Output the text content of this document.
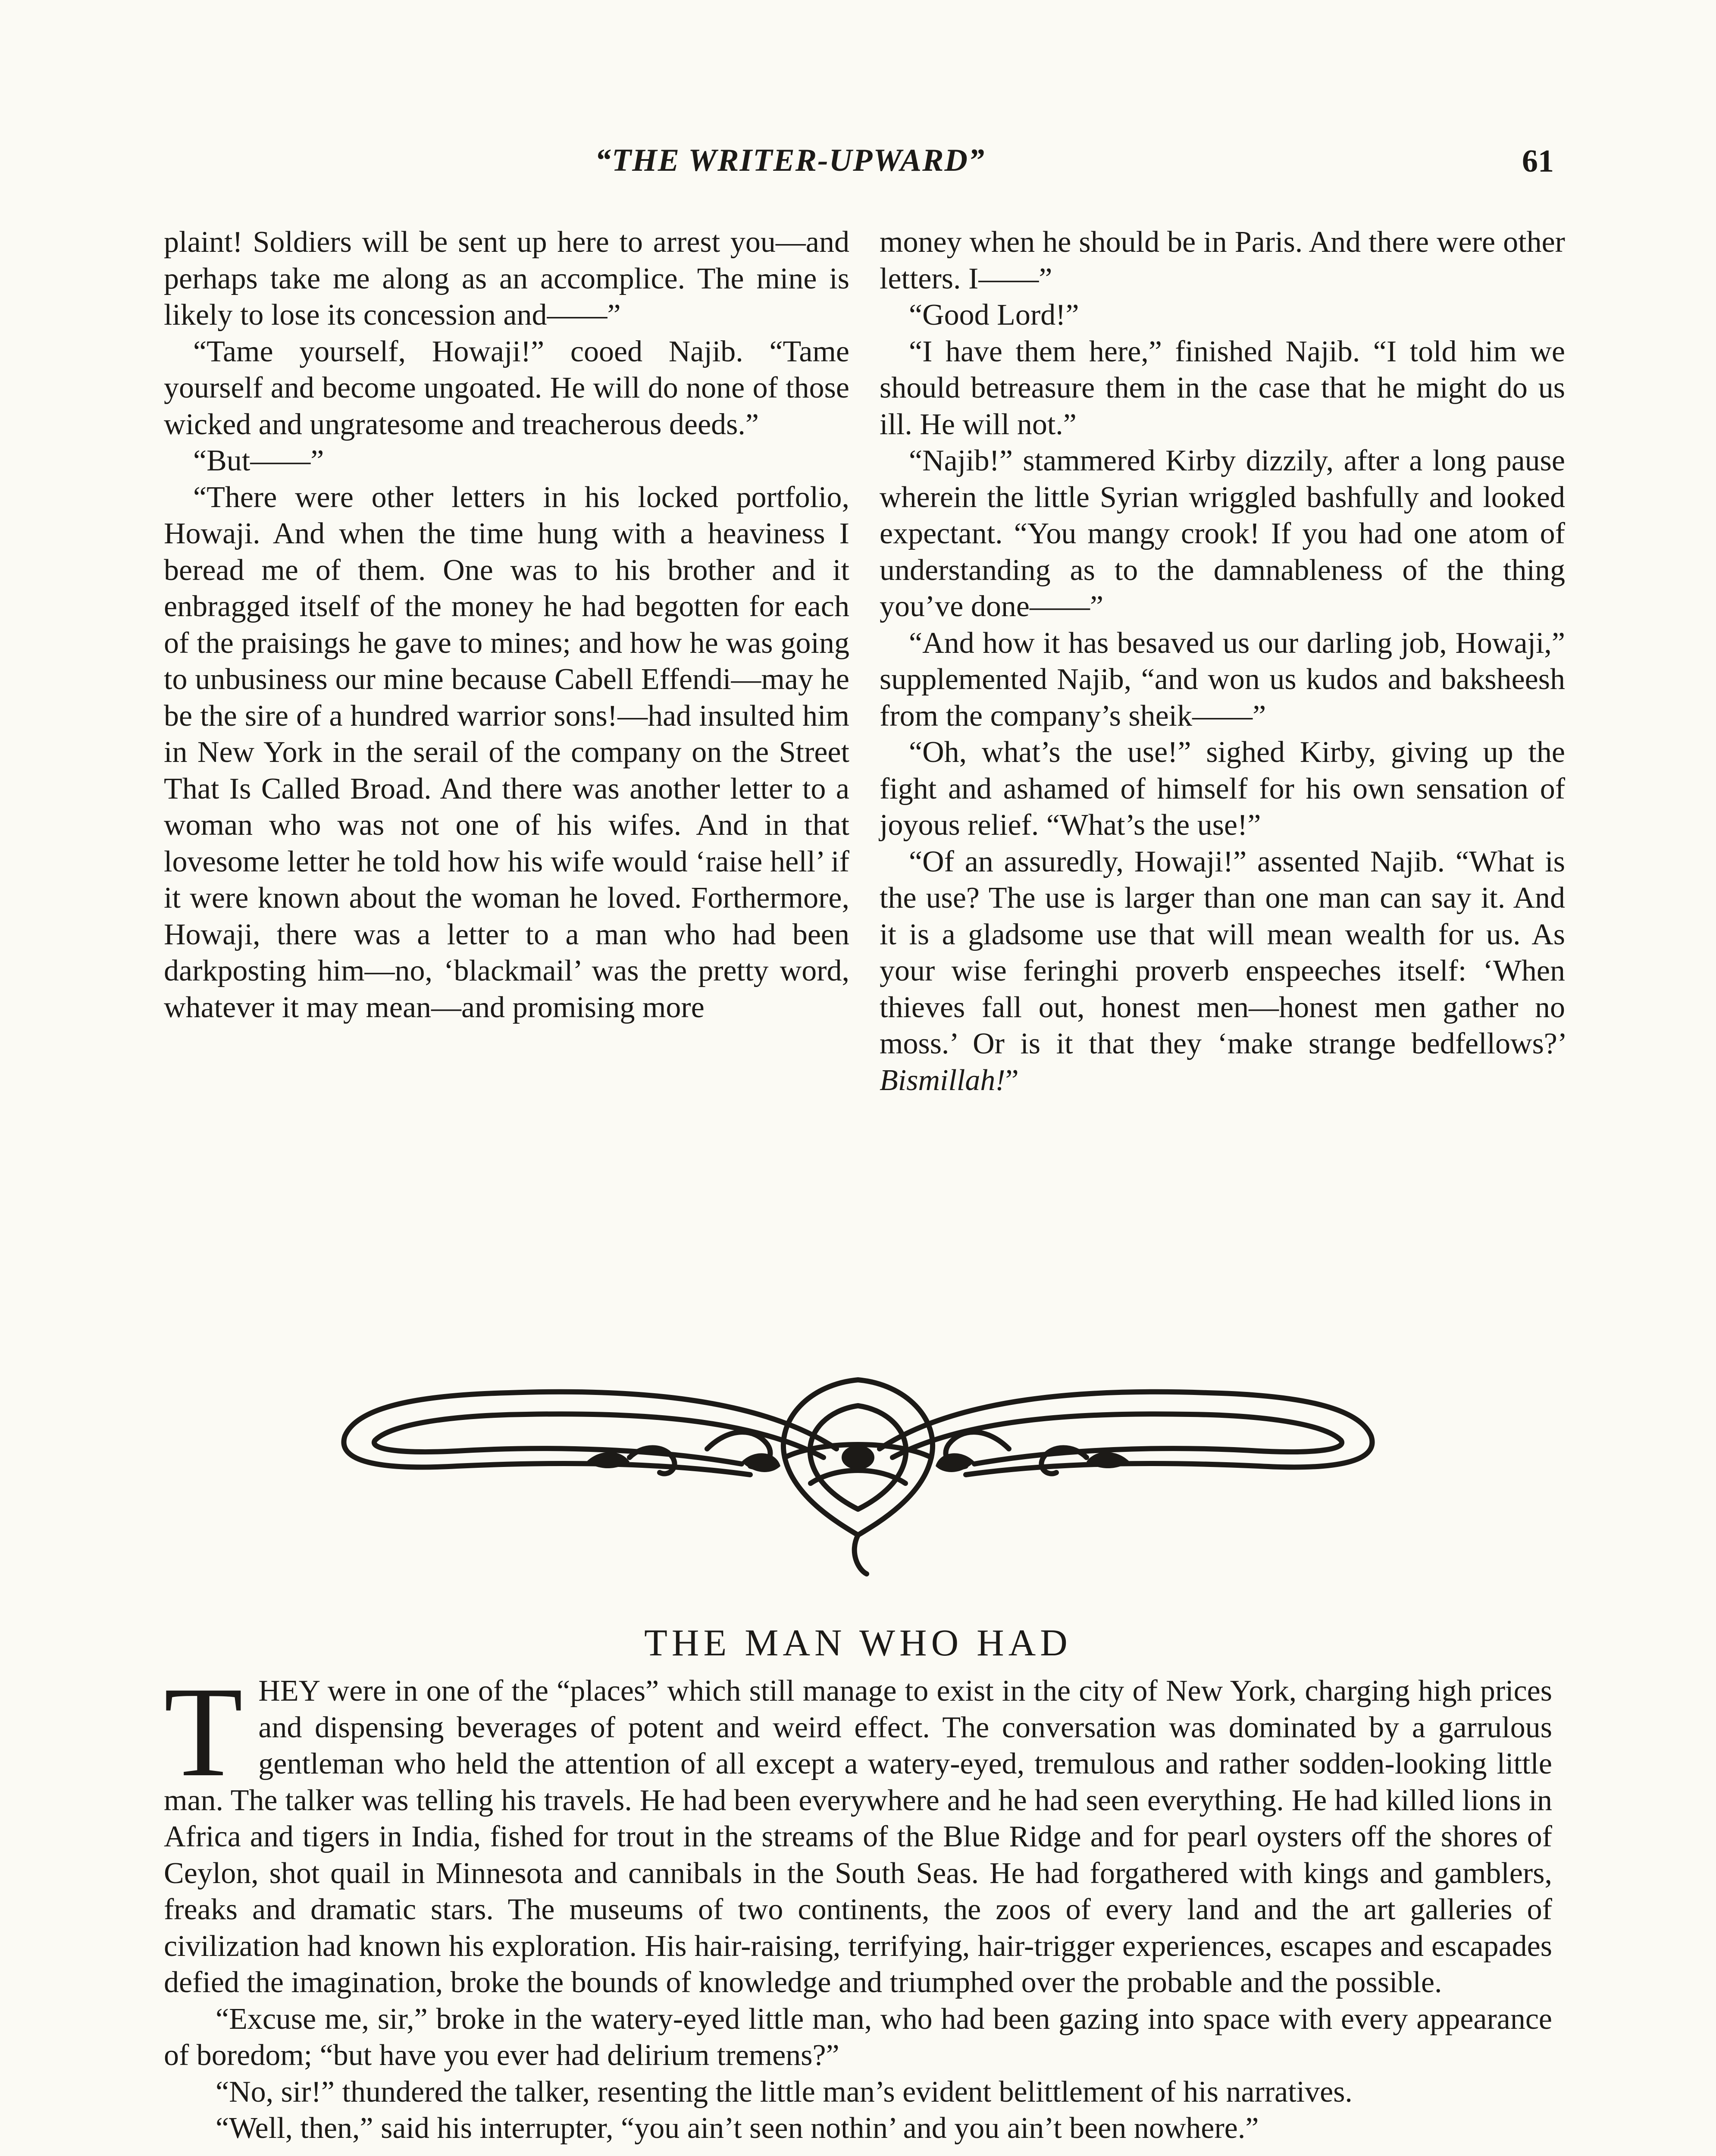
“THE WRITER-UPWARD”	61

plaint! Soldiers will be sent up here to arrest you—and perhaps take me along as an accomplice. The mine is likely to lose its concession and——”

“Tame yourself, Howaji!” cooed Najib. “Tame yourself and become ungoated. He will do none of those wicked and ungratesome and treacherous deeds.”

“But——”

“There were other letters in his locked portfolio, Howaji. And when the time hung with a heaviness I beread me of them. One was to his brother and it enbragged itself of the money he had begotten for each of the praisings he gave to mines; and how he was going to unbusiness our mine because Cabell Effendi—may he be the sire of a hundred warrior sons!—had insulted him in New York in the serail of the company on the Street That Is Called Broad. And there was another letter to a woman who was not one of his wifes. And in that lovesome letter he told how his wife would ‘raise hell’ if it were known about the woman he loved. Forthermore, Howaji, there was a letter to a man who had been darkposting him—no, ‘blackmail’ was the pretty word, whatever it may mean—and promising more

money when he should be in Paris. And there were other letters. I——”

“Good Lord!”

“I have them here,” finished Najib. “I told him we should betreasure them in the case that he might do us ill. He will not.”

“Najib!” stammered Kirby dizzily, after a long pause wherein the little Syrian wriggled bashfully and looked expectant. “You mangy crook! If you had one atom of understanding as to the damnableness of the thing you’ve done——”

“And how it has besaved us our darling job, Howaji,” supplemented Najib, “and won us kudos and baksheesh from the company’s sheik——”

“Oh, what’s the use!” sighed Kirby, giving up the fight and ashamed of himself for his own sensation of joyous relief. “What’s the use!”

“Of an assuredly, Howaji!” assented Najib. “What is the use? The use is larger than one man can say it. And it is a gladsome use that will mean wealth for us. As your wise feringhi proverb enspeeches itself: ‘When thieves fall out, honest men—honest men gather no moss.’ Or is it that they ‘make strange bedfellows?’ Bismillah!”

THE MAN WHO HAD

THEY were in one of the “places” which still manage to exist in the city of New York, charging high prices and dispensing beverages of potent and weird effect. The conversation was dominated by a garrulous gentleman who held the attention of all except a watery-eyed, tremulous and rather sodden-looking little man. The talker was telling his travels. He had been everywhere and he had seen everything. He had killed lions in Africa and tigers in India, fished for trout in the streams of the Blue Ridge and for pearl oysters off the shores of Ceylon, shot quail in Minnesota and cannibals in the South Seas. He had forgathered with kings and gamblers, freaks and dramatic stars. The museums of two continents, the zoos of every land and the art galleries of civilization had known his exploration. His hair-raising, terrifying, hair-trigger experiences, escapes and escapades defied the imagination, broke the bounds of knowledge and triumphed over the probable and the possible.

“Excuse me, sir,” broke in the watery-eyed little man, who had been gazing into space with every appearance of boredom; “but have you ever had delirium tremens?”

“No, sir!” thundered the talker, resenting the little man’s evident belittlement of his narratives.

“Well, then,” said his interrupter, “you ain’t seen nothin’ and you ain’t been nowhere.”
